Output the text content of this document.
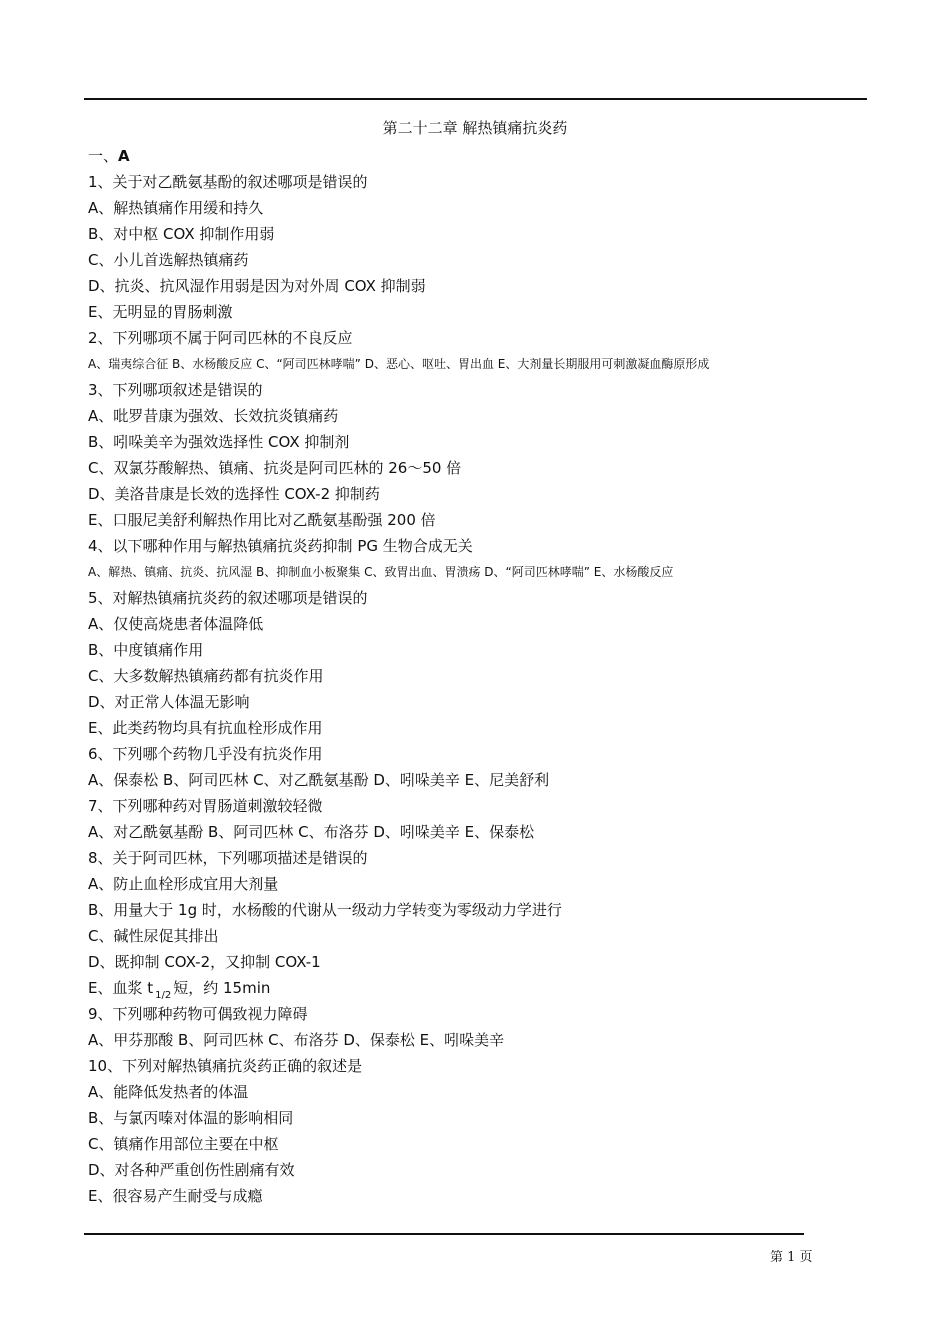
第二十二章 解热镇痛抗炎药
一、A
1、关于对乙酰氨基酚的叙述哪项是错误的
A、解热镇痛作用缓和持久
B、对中枢 COX 抑制作用弱
C、小儿首选解热镇痛药
D、抗炎、抗风湿作用弱是因为对外周 COX 抑制弱
E、无明显的胃肠刺激
2、下列哪项不属于阿司匹林的不良反应
A、瑞夷综合征 B、水杨酸反应 C、“阿司匹林哮喘” D、恶心、呕吐、胃出血 E、大剂量长期服用可刺激凝血酶原形成
3、下列哪项叙述是错误的
A、吡罗昔康为强效、长效抗炎镇痛药
B、吲哚美辛为强效选择性 COX 抑制剂
C、双氯芬酸解热、镇痛、抗炎是阿司匹林的 26～50 倍
D、美洛昔康是长效的选择性 COX-2 抑制药
E、口服尼美舒利解热作用比对乙酰氨基酚强 200 倍
4、以下哪种作用与解热镇痛抗炎药抑制 PG 生物合成无关
A、解热、镇痛、抗炎、抗风湿 B、抑制血小板聚集 C、致胃出血、胃溃疡 D、“阿司匹林哮喘” E、水杨酸反应
5、对解热镇痛抗炎药的叙述哪项是错误的
A、仅使高烧患者体温降低
B、中度镇痛作用
C、大多数解热镇痛药都有抗炎作用
D、对正常人体温无影响
E、此类药物均具有抗血栓形成作用
6、下列哪个药物几乎没有抗炎作用
A、保泰松 B、阿司匹林 C、对乙酰氨基酚 D、吲哚美辛 E、尼美舒利
7、下列哪种药对胃肠道刺激较轻微
A、对乙酰氨基酚 B、阿司匹林 C、布洛芬 D、吲哚美辛 E、保泰松
8、关于阿司匹林，下列哪项描述是错误的
A、防止血栓形成宜用大剂量
B、用量大于 1g 时，水杨酸的代谢从一级动力学转变为零级动力学进行
C、碱性尿促其排出
D、既抑制 COX-2，又抑制 COX-1
E、血浆 t $_{1/2}$ 短，约 15min
9、下列哪种药物可偶致视力障碍
A、甲芬那酸 B、阿司匹林 C、布洛芬 D、保泰松 E、吲哚美辛
10、下列对解热镇痛抗炎药正确的叙述是
A、能降低发热者的体温
B、与氯丙嗪对体温的影响相同
C、镇痛作用部位主要在中枢
D、对各种严重创伤性剧痛有效
E、很容易产生耐受与成瘾
第 1 页
